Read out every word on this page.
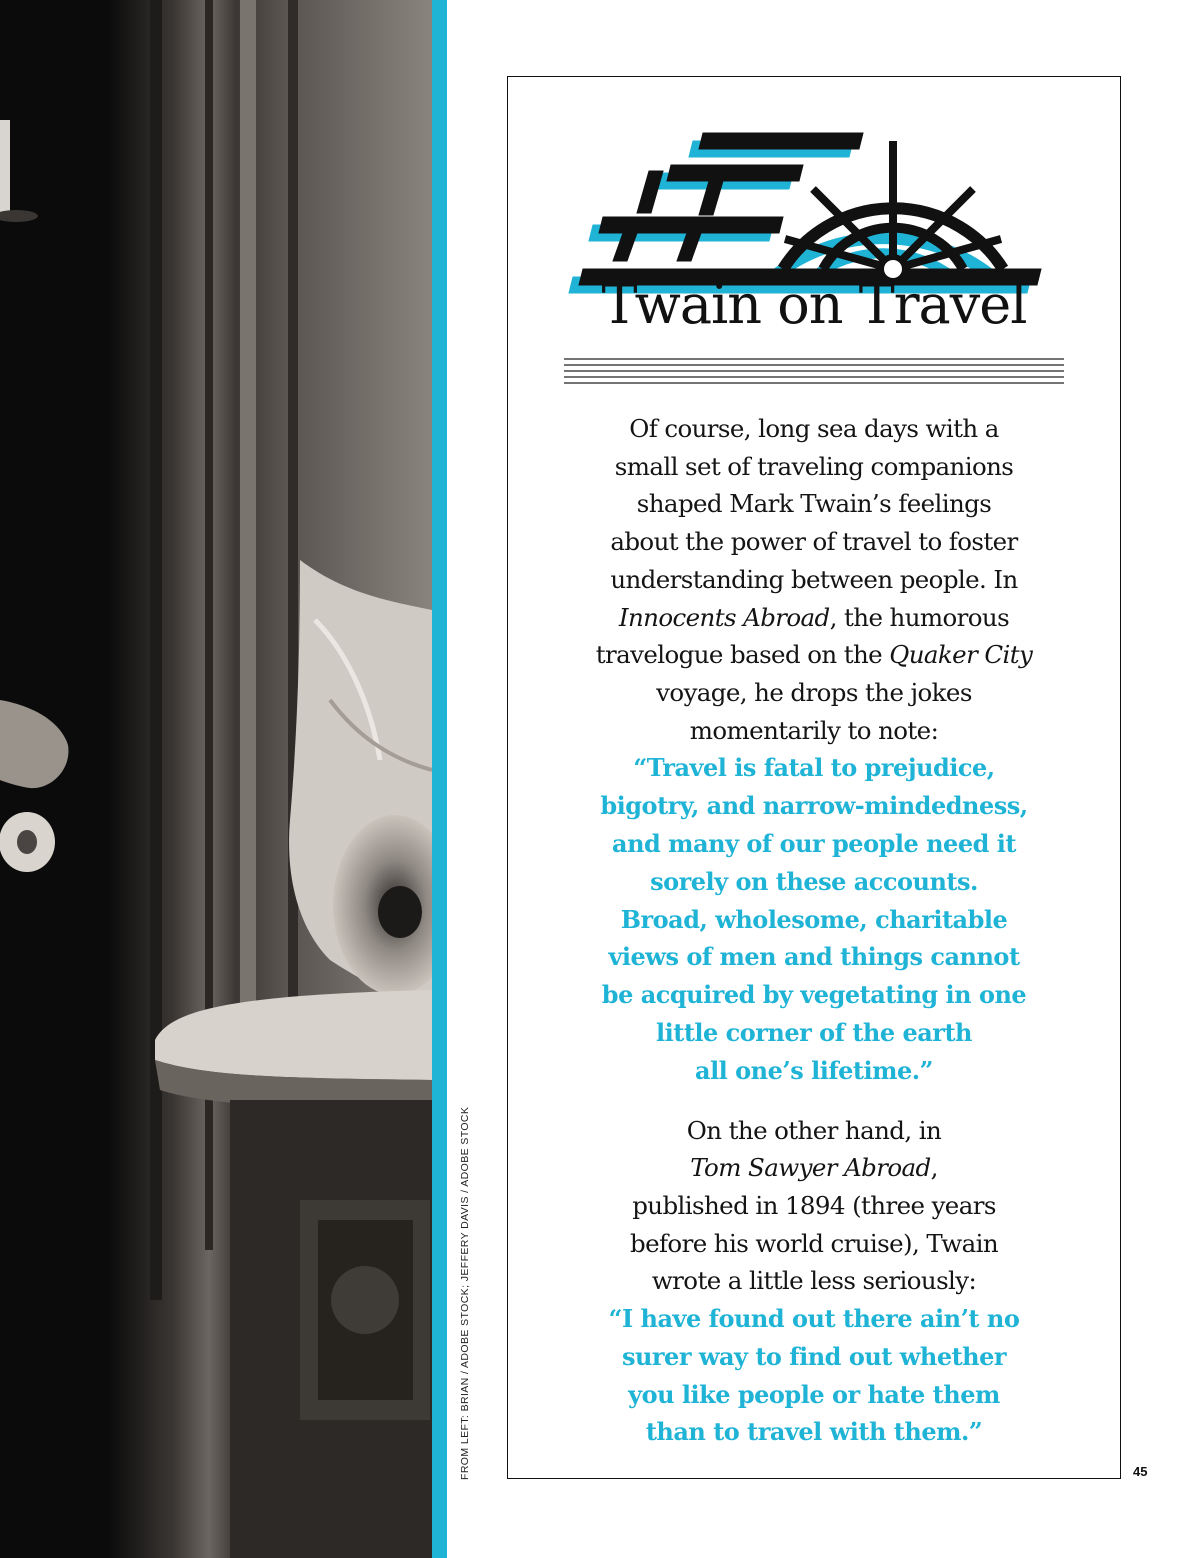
FROM LEFT: BRIAN / ADOBE STOCK; JEFFERY DAVIS / ADOBE STOCK
Twain on Travel
Of course, long sea days with a
small set of traveling companions
shaped Mark Twain’s feelings
about the power of travel to foster
understanding between people. In
Innocents Abroad, the humorous
travelogue based on the Quaker City
voyage, he drops the jokes
momentarily to note:
“Travel is fatal to prejudice,
bigotry, and narrow-mindedness,
and many of our people need it
sorely on these accounts.
Broad, wholesome, charitable
views of men and things cannot
be acquired by vegetating in one
little corner of the earth
all one’s lifetime.”
On the other hand, in
Tom Sawyer Abroad,
published in 1894 (three years
before his world cruise), Twain
wrote a little less seriously:
“I have found out there ain’t no
surer way to find out whether
you like people or hate them
than to travel with them.”
45
